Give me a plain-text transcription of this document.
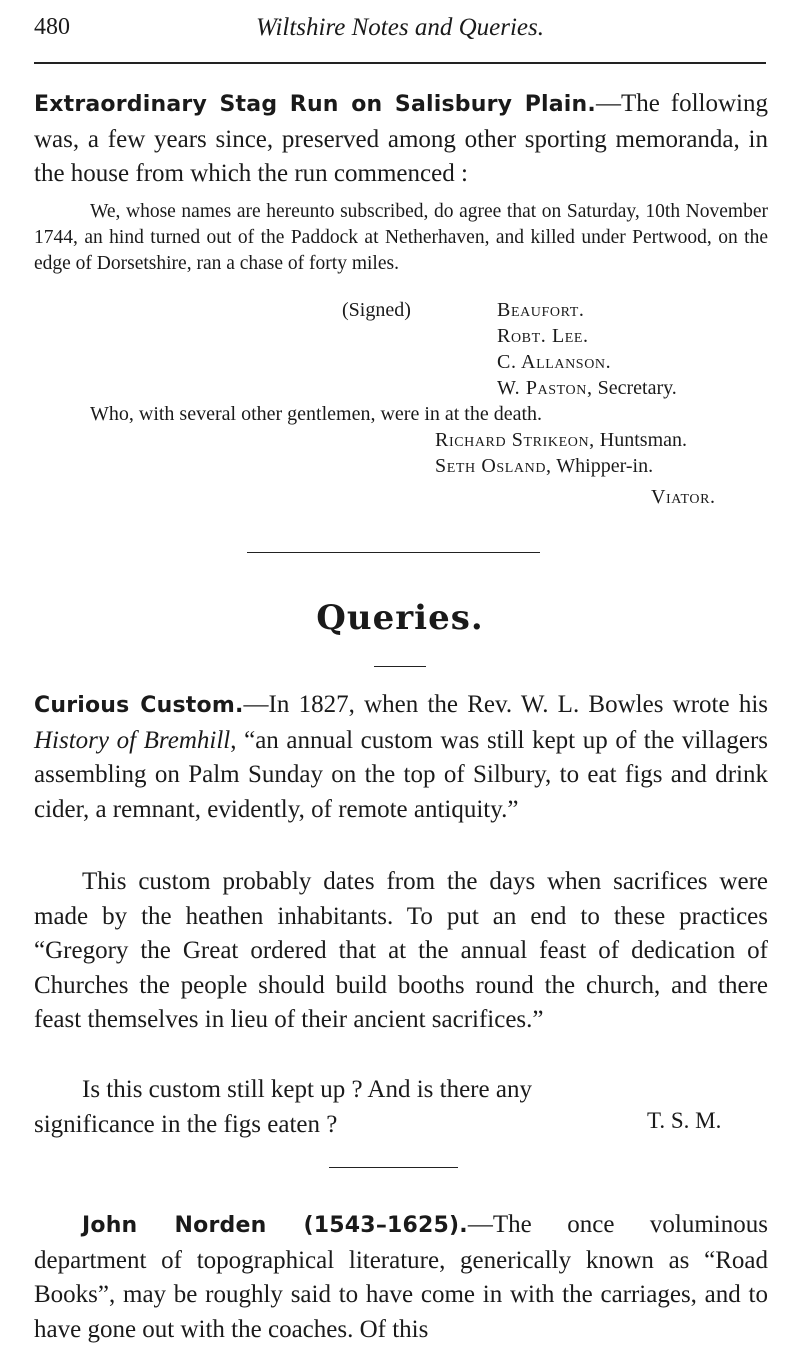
480	Wiltshire Notes and Queries.

Extraordinary Stag Run on Salisbury Plain.—The following was, a few years since, preserved among other sporting memoranda, in the house from which the run commenced :

We, whose names are hereunto subscribed, do agree that on Saturday, 10th November 1744, an hind turned out of the Paddock at Netherhaven, and killed under Pertwood, on the edge of Dorsetshire, ran a chase of forty miles.

(Signed)	Beaufort.
Robt. Lee.
C. Allanson.
W. Paston, Secretary.
Who, with several other gentlemen, were in at the death.
Richard Strikeon, Huntsman.
Seth Osland, Whipper-in.
Viator.
Queries.

Curious Custom.—In 1827, when the Rev. W. L. Bowles wrote his History of Bremhill, “an annual custom was still kept up of the villagers assembling on Palm Sunday on the top of Silbury, to eat figs and drink cider, a remnant, evidently, of remote antiquity.”

This custom probably dates from the days when sacrifices were made by the heathen inhabitants. To put an end to these practices “Gregory the Great ordered that at the annual feast of dedication of Churches the people should build booths round the church, and there feast themselves in lieu of their ancient sacrifices.”

Is this custom still kept up ? And is there any significance in the figs eaten ?	T. S. M.

John Norden (1543–1625).—The once voluminous department of topographical literature, generically known as “Road Books”, may be roughly said to have come in with the carriages, and to have gone out with the coaches. Of this
